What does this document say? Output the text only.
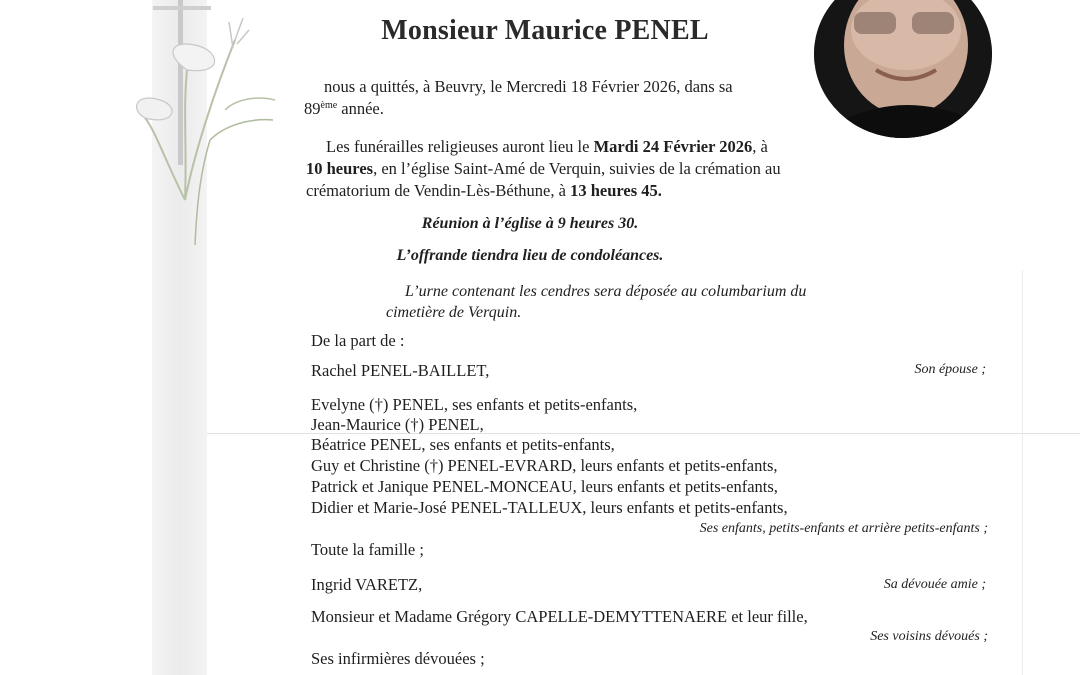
Monsieur Maurice PENEL

nous a quittés, à Beuvry, le Mercredi 18 Février 2026, dans sa

89ème année.

Les funérailles religieuses auront lieu le Mardi 24 Février 2026, à

10 heures, en l’église Saint-Amé de Verquin, suivies de la crémation au

crématorium de Vendin-Lès-Béthune, à 13 heures 45.

Réunion à l’église à 9 heures 30.

L’offrande tiendra lieu de condoléances.

L’urne contenant les cendres sera déposée au columbarium du

cimetière de Verquin.

De la part de :

Rachel PENEL-BAILLET,	Son épouse ;

Evelyne (†) PENEL, ses enfants et petits-enfants,

Jean-Maurice (†) PENEL,

Béatrice PENEL, ses enfants et petits-enfants,

Guy et Christine (†) PENEL-EVRARD, leurs enfants et petits-enfants,

Patrick et Janique PENEL-MONCEAU, leurs enfants et petits-enfants,

Didier et Marie-José PENEL-TALLEUX, leurs enfants et petits-enfants,

Ses enfants, petits-enfants et arrière petits-enfants ;

Toute la famille ;

Ingrid VARETZ,	Sa dévouée amie ;

Monsieur et Madame Grégory CAPELLE-DEMYTTENAERE et leur fille,

Ses voisins dévoués ;

Ses infirmières dévouées ;
